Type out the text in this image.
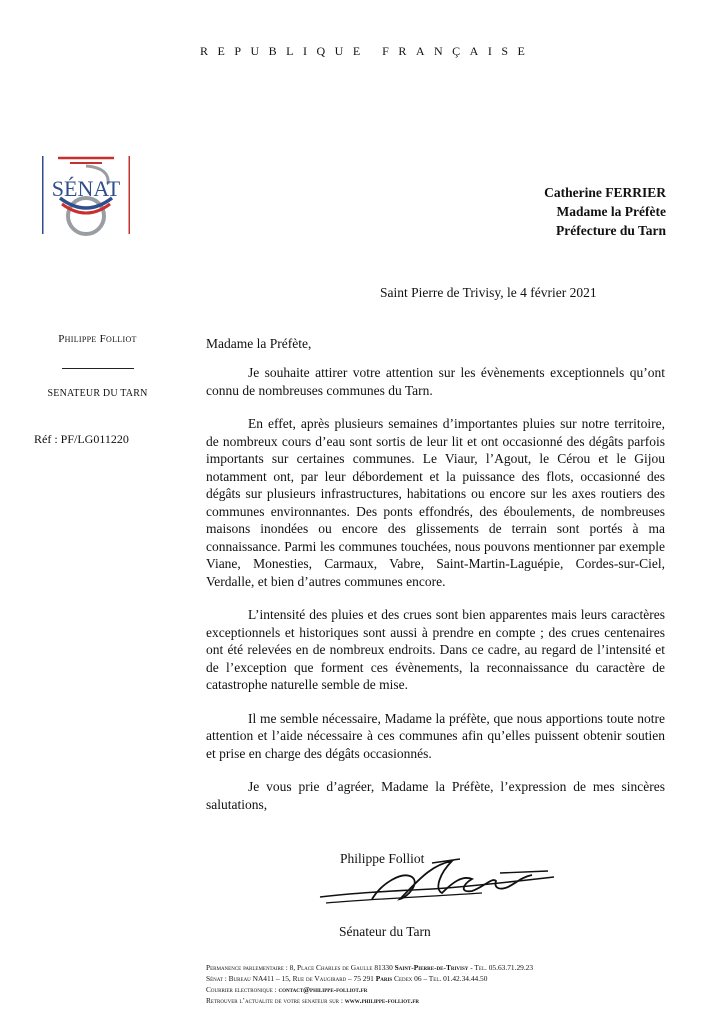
REPUBLIQUE FRANÇAISE
SÉNAT	Catherine FERRIER
Madame la Préfète
Préfecture du Tarn
Saint Pierre de Trivisy, le 4 février 2021
Philippe Folliot
SENATEUR DU TARN
Réf : PF/LG011220
Madame la Préfète,

Je souhaite attirer votre attention sur les évènements exceptionnels qu’ont connu de nombreuses communes du Tarn.

En effet, après plusieurs semaines d’importantes pluies sur notre territoire, de nombreux cours d’eau sont sortis de leur lit et ont occasionné des dégâts parfois importants sur certaines communes. Le Viaur, l’Agout, le Cérou et le Gijou notamment ont, par leur débordement et la puissance des flots, occasionné des dégâts sur plusieurs infrastructures, habitations ou encore sur les axes routiers des communes environnantes. Des ponts effondrés, des éboulements, de nombreuses maisons inondées ou encore des glissements de terrain sont portés à ma connaissance. Parmi les communes touchées, nous pouvons mentionner par exemple Viane, Monesties, Carmaux, Vabre, Saint-Martin-Laguépie, Cordes-sur-Ciel, Verdalle, et bien d’autres communes encore.

L’intensité des pluies et des crues sont bien apparentes mais leurs caractères exceptionnels et historiques sont aussi à prendre en compte ; des crues centenaires ont été relevées en de nombreux endroits. Dans ce cadre, au regard de l’intensité et de l’exception que forment ces évènements, la reconnaissance du caractère de catastrophe naturelle semble de mise.

Il me semble nécessaire, Madame la préfète, que nous apportions toute notre attention et l’aide nécessaire à ces communes afin qu’elles puissent obtenir soutien et prise en charge des dégâts occasionnés.

Je vous prie d’agréer, Madame la Préfète, l’expression de mes sincères salutations,

Philippe Folliot
Sénateur du Tarn
Permanence parlementaire : 8, Place Charles de Gaulle 81330 Saint-Pierre-de-Trivisy - Tel. 05.63.71.29.23
Sénat : Bureau NA411 – 15, Rue de Vaugirard – 75 291 Paris Cedex 06 – Tel. 01.42.34.44.50
Courrier electronique : contact@philippe-folliot.fr
Retrouver l’actualite de votre senateur sur : www.philippe-folliot.fr
